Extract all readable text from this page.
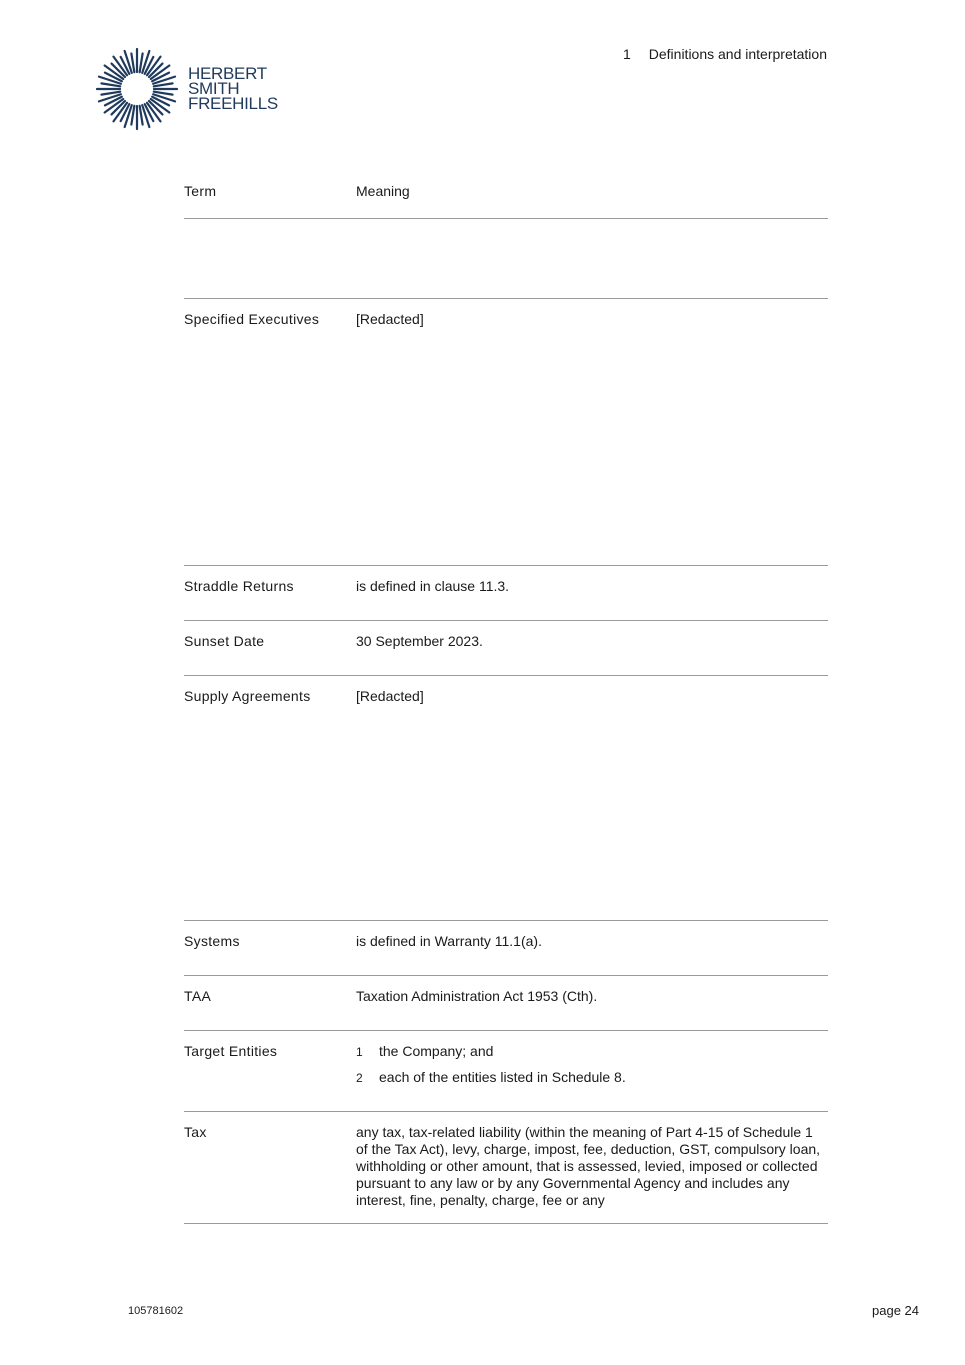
HERBERT
SMITH
FREEHILLS
1 Definitions and interpretation
Term	Meaning
Specified Executives	[Redacted]
Straddle Returns	is defined in clause 11.3.
Sunset Date	30 September 2023.
Supply Agreements	[Redacted]
Systems	is defined in Warranty 11.1(a).
TAA	Taxation Administration Act 1953 (Cth).
Target Entities	1	the Company; and
2	each of the entities listed in Schedule 8.
Tax	any tax, tax-related liability (within the meaning of Part 4-15 of Schedule 1 of the Tax Act), levy, charge, impost, fee, deduction, GST, compulsory loan, withholding or other amount, that is assessed, levied, imposed or collected pursuant to any law or by any Governmental Agency and includes any interest, fine, penalty, charge, fee or any
105781602	page 24
